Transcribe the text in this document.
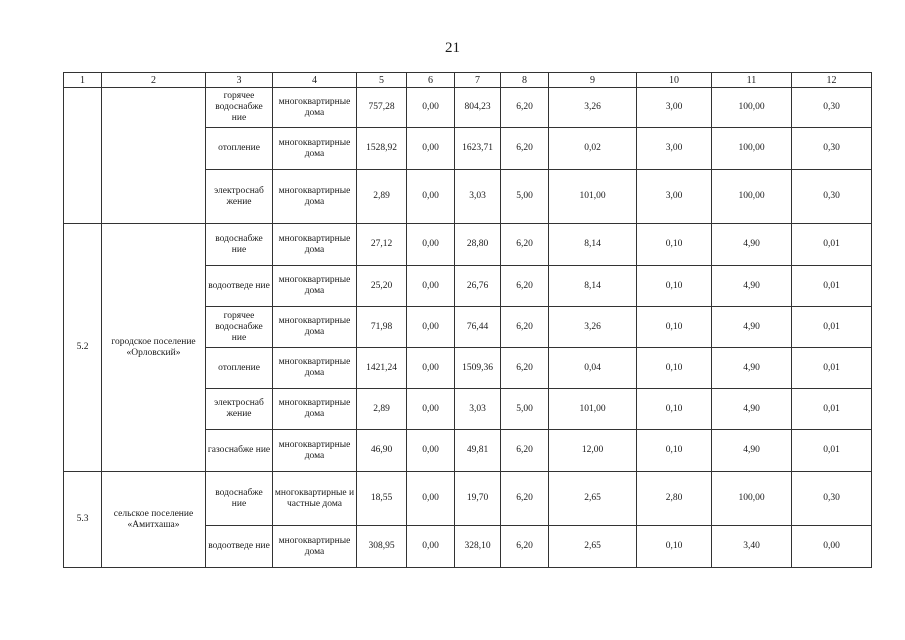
21
1	2	3	4	5	6	7	8	9	10	11	12
		горячее водоснабже ние	многоквартирные дома	757,28	0,00	804,23	6,20	3,26	3,00	100,00	0,30
		отопление	многоквартирные дома	1528,92	0,00	1623,71	6,20	0,02	3,00	100,00	0,30
		электроснаб жение	многоквартирные дома	2,89	0,00	3,03	5,00	101,00	3,00	100,00	0,30
5.2	городское поселение «Орловский»	водоснабже ние	многоквартирные дома	27,12	0,00	28,80	6,20	8,14	0,10	4,90	0,01
		водоотведе ние	многоквартирные дома	25,20	0,00	26,76	6,20	8,14	0,10	4,90	0,01
		горячее водоснабже ние	многоквартирные дома	71,98	0,00	76,44	6,20	3,26	0,10	4,90	0,01
		отопление	многоквартирные дома	1421,24	0,00	1509,36	6,20	0,04	0,10	4,90	0,01
		электроснаб жение	многоквартирные дома	2,89	0,00	3,03	5,00	101,00	0,10	4,90	0,01
		газоснабже ние	многоквартирные дома	46,90	0,00	49,81	6,20	12,00	0,10	4,90	0,01
5.3	сельское поселение «Амитхаша»	водоснабже ние	многоквартирные и частные дома	18,55	0,00	19,70	6,20	2,65	2,80	100,00	0,30
		водоотведе ние	многоквартирные дома	308,95	0,00	328,10	6,20	2,65	0,10	3,40	0,00
